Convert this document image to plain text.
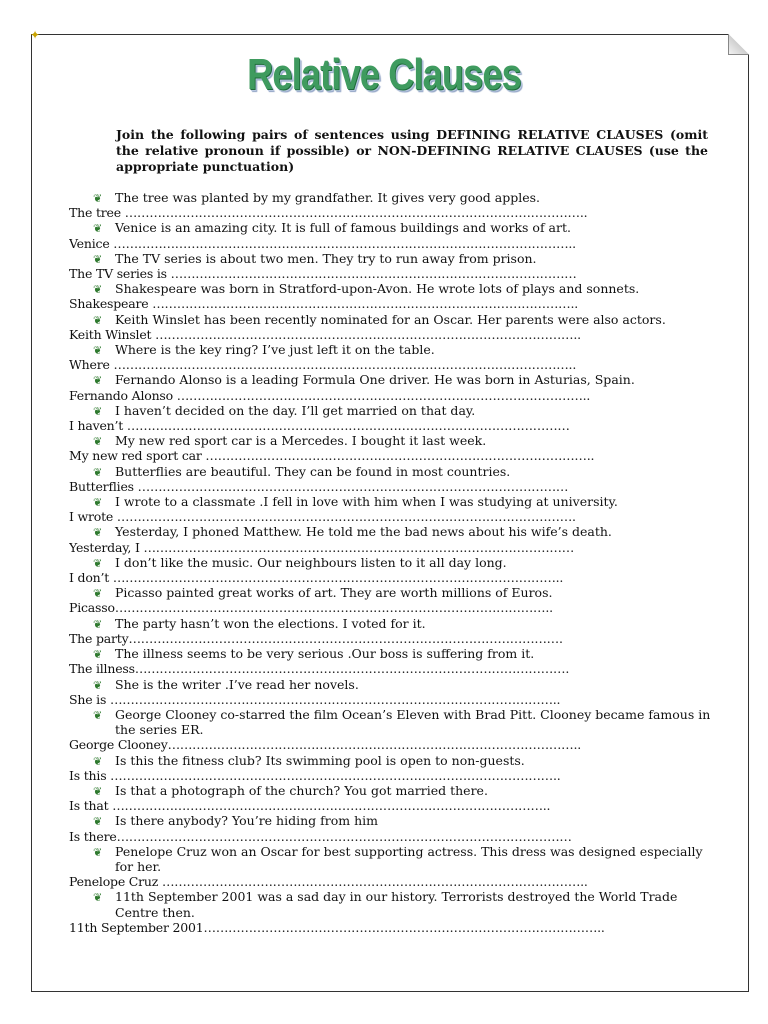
✦
Relative Clauses
Join the following pairs of sentences using DEFINING RELATIVE CLAUSES (omit the relative pronoun if possible) or NON-DEFINING RELATIVE CLAUSES (use the appropriate punctuation)
❦ The tree was planted by my grandfather. It gives very good apples.
The tree …………………………………………………………………………………………………..
❦ Venice is an amazing city. It is full of famous buildings and works of art.
Venice …………………………………………………………………………………………………..
❦ The TV series is about two men. They try to run away from prison.
The TV series is ………………………………………………………………………………………
❦ Shakespeare was born in Stratford-upon-Avon. He wrote lots of plays and sonnets.
Shakespeare …………………………………………………………………………………………..
❦ Keith Winslet has been recently nominated for an Oscar. Her parents were also actors.
Keith Winslet …………………………………………………………………………………………..
❦ Where is the key ring? I’ve just left it on the table.
Where …………………………………………………………………………………………………..
❦ Fernando Alonso is a leading Formula One driver. He was born in Asturias, Spain.
Fernando Alonso ………………………………………………………………………………………..
❦ I haven’t decided on the day. I’ll get married on that day.
I haven’t ………………………………………………………………………………………………
❦ My new red sport car is a Mercedes. I bought it last week.
My new red sport car …………………………………………………………………………………..
❦ Butterflies are beautiful. They can be found in most countries.
Butterflies ……………………………………………………………………………………………
❦ I wrote to a classmate .I fell in love with him when I was studying at university.
I wrote ………………………………………………………………………………………………….
❦ Yesterday, I phoned Matthew. He told me the bad news about his wife’s death.
Yesterday, I ……………………………………………………………………………………………
❦ I don’t like the music. Our neighbours listen to it all day long.
I don’t ………………………………………………………………………………………………..
❦ Picasso painted great works of art. They are worth millions of Euros.
Picasso……………………………………………………………………………………………..
❦ The party hasn’t won the elections. I voted for it.
The party…………………………………………………………………………………………….
❦ The illness seems to be very serious .Our boss is suffering from it.
The illness…………………………………………………………………………………………….
❦ She is the writer .I’ve read her novels.
She is ………………………………………………………………………………………………..
❦ George Clooney co-starred the film Ocean’s Eleven with Brad Pitt. Clooney became famous in the series ER.
George Clooney………………………………………………………………………………………..
❦ Is this the fitness club? Its swimming pool is open to non-guests.
Is this ………………………………………………………………………………………………..
❦ Is that a photograph of the church? You got married there.
Is that ……………………………………………………………………………………………..
❦ Is there anybody? You’re hiding from him
Is there…………………………………………………………………………………………………
❦ Penelope Cruz won an Oscar for best supporting actress. This dress was designed especially for her.
Penelope Cruz …………………………………………………………………………………………..
❦ 11th September 2001 was a sad day in our history. Terrorists destroyed the World Trade Centre then.
11th September 2001……………………………………………………………………………………..
